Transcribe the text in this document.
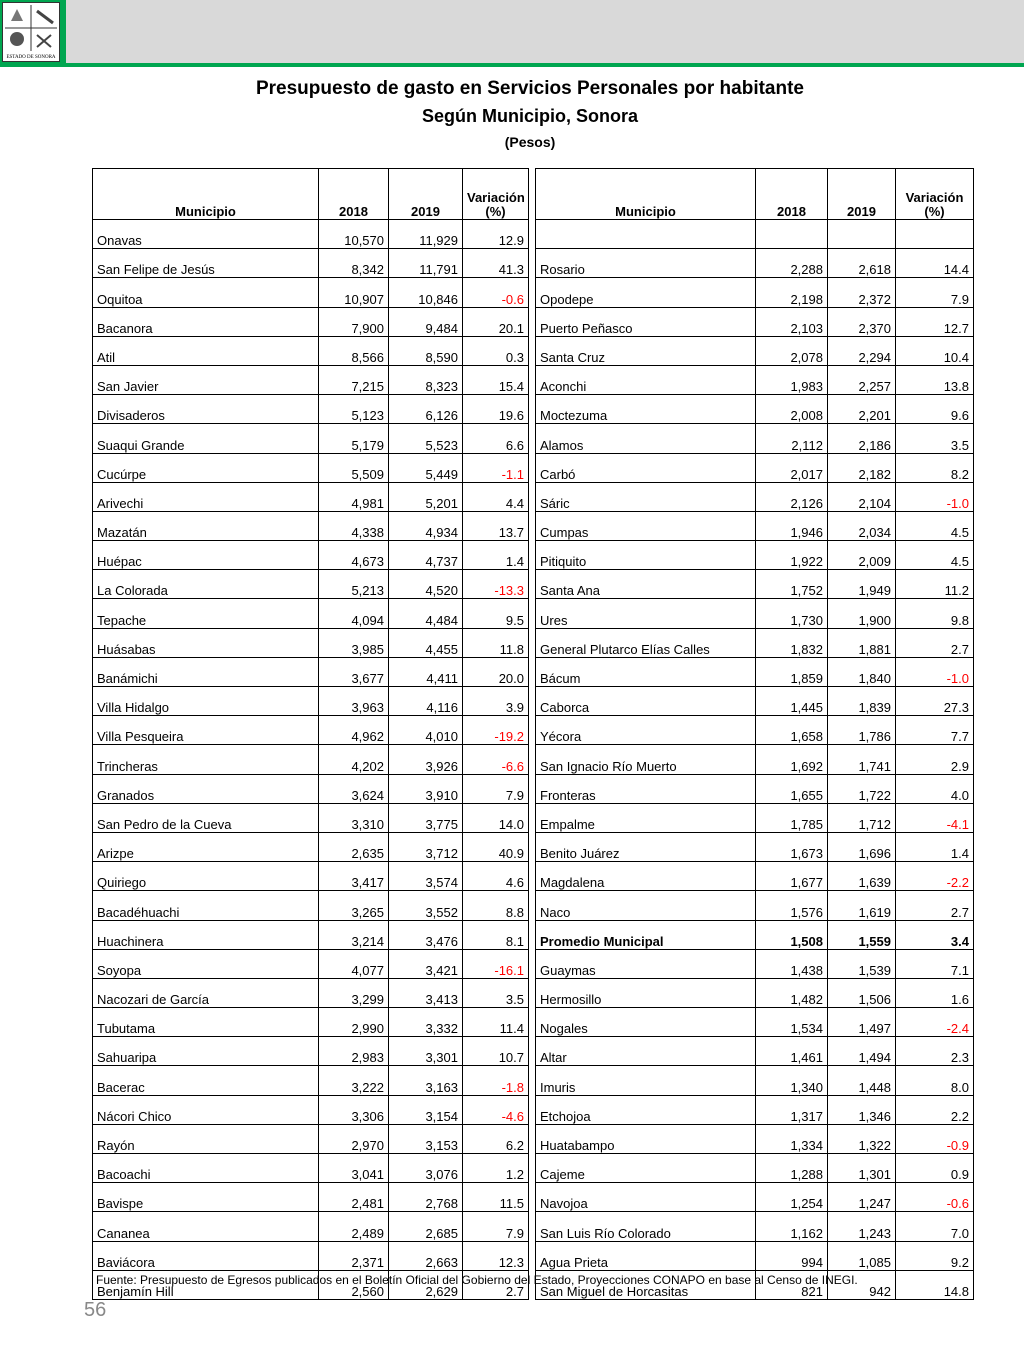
ESTADO DE SONORA
Presupuesto de gasto en Servicios Personales por habitante
Según Municipio, Sonora
(Pesos)
Municipio	2018	2019	Variación
(%)
Onavas	10,570	11,929	12.9
San Felipe de Jesús	8,342	11,791	41.3
Oquitoa	10,907	10,846	-0.6
Bacanora	7,900	9,484	20.1
Atil	8,566	8,590	0.3
San Javier	7,215	8,323	15.4
Divisaderos	5,123	6,126	19.6
Suaqui Grande	5,179	5,523	6.6
Cucúrpe	5,509	5,449	-1.1
Arivechi	4,981	5,201	4.4
Mazatán	4,338	4,934	13.7
Huépac	4,673	4,737	1.4
La Colorada	5,213	4,520	-13.3
Tepache	4,094	4,484	9.5
Huásabas	3,985	4,455	11.8
Banámichi	3,677	4,411	20.0
Villa Hidalgo	3,963	4,116	3.9
Villa Pesqueira	4,962	4,010	-19.2
Trincheras	4,202	3,926	-6.6
Granados	3,624	3,910	7.9
San Pedro de la Cueva	3,310	3,775	14.0
Arizpe	2,635	3,712	40.9
Quiriego	3,417	3,574	4.6
Bacadéhuachi	3,265	3,552	8.8
Huachinera	3,214	3,476	8.1
Soyopa	4,077	3,421	-16.1
Nacozari de García	3,299	3,413	3.5
Tubutama	2,990	3,332	11.4
Sahuaripa	2,983	3,301	10.7
Bacerac	3,222	3,163	-1.8
Nácori Chico	3,306	3,154	-4.6
Rayón	2,970	3,153	6.2
Bacoachi	3,041	3,076	1.2
Bavispe	2,481	2,768	11.5
Cananea	2,489	2,685	7.9
Baviácora	2,371	2,663	12.3
Benjamín Hill	2,560	2,629	2.7
Municipio	2018	2019	Variación
(%)

Rosario	2,288	2,618	14.4
Opodepe	2,198	2,372	7.9
Puerto Peñasco	2,103	2,370	12.7
Santa Cruz	2,078	2,294	10.4
Aconchi	1,983	2,257	13.8
Moctezuma	2,008	2,201	9.6
Alamos	2,112	2,186	3.5
Carbó	2,017	2,182	8.2
Sáric	2,126	2,104	-1.0
Cumpas	1,946	2,034	4.5
Pitiquito	1,922	2,009	4.5
Santa Ana	1,752	1,949	11.2
Ures	1,730	1,900	9.8
General Plutarco Elías Calles	1,832	1,881	2.7
Bácum	1,859	1,840	-1.0
Caborca	1,445	1,839	27.3
Yécora	1,658	1,786	7.7
San Ignacio Río Muerto	1,692	1,741	2.9
Fronteras	1,655	1,722	4.0
Empalme	1,785	1,712	-4.1
Benito Juárez	1,673	1,696	1.4
Magdalena	1,677	1,639	-2.2
Naco	1,576	1,619	2.7
Promedio Municipal	1,508	1,559	3.4
Guaymas	1,438	1,539	7.1
Hermosillo	1,482	1,506	1.6
Nogales	1,534	1,497	-2.4
Altar	1,461	1,494	2.3
Imuris	1,340	1,448	8.0
Etchojoa	1,317	1,346	2.2
Huatabampo	1,334	1,322	-0.9
Cajeme	1,288	1,301	0.9
Navojoa	1,254	1,247	-0.6
San Luis Río Colorado	1,162	1,243	7.0
Agua Prieta	994	1,085	9.2
San Miguel de Horcasitas	821	942	14.8
Fuente: Presupuesto de Egresos publicados en el Boletín Oficial del Gobierno del Estado, Proyecciones CONAPO en base al Censo de INEGI.
56
